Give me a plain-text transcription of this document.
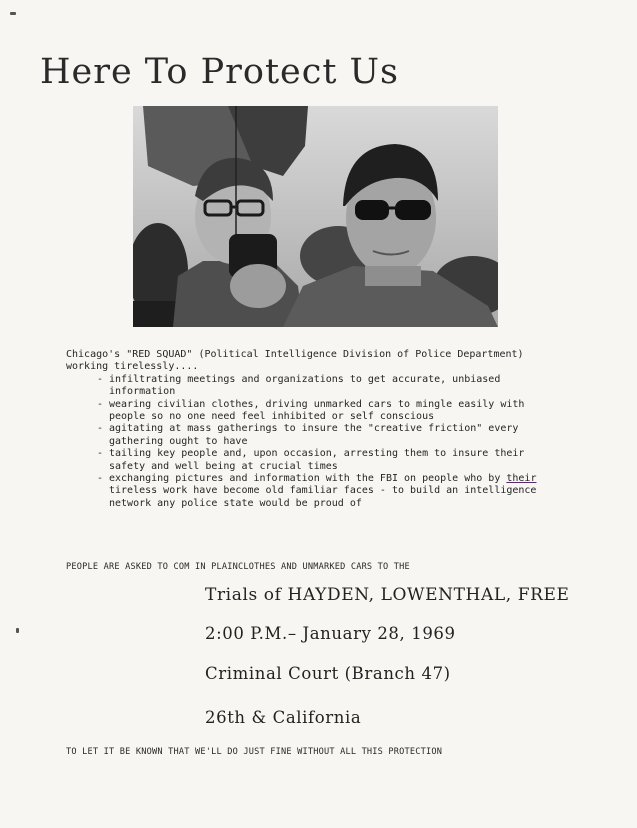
Here To Protect Us
Chicago's "RED SQUAD" (Political Intelligence Division of Police Department)
working tirelessly....
- infiltrating meetings and organizations to get accurate, unbiased
information
- wearing civilian clothes, driving unmarked cars to mingle easily with
people so no one need feel inhibited or self conscious
- agitating at mass gatherings to insure the "creative friction" every
gathering ought to have
- tailing key people and, upon occasion, arresting them to insure their
safety and well being at crucial times
- exchanging pictures and information with the FBI on people who by their
tireless work have become old familiar faces - to build an intelligence
network any police state would be proud of
PEOPLE ARE ASKED TO COM IN PLAINCLOTHES AND UNMARKED CARS TO THE
Trials of HAYDEN, LOWENTHAL, FREE
2:00 P.M.– January 28, 1969
Criminal Court (Branch 47)
26th & California
TO LET IT BE KNOWN THAT WE'LL DO JUST FINE WITHOUT ALL THIS PROTECTION
